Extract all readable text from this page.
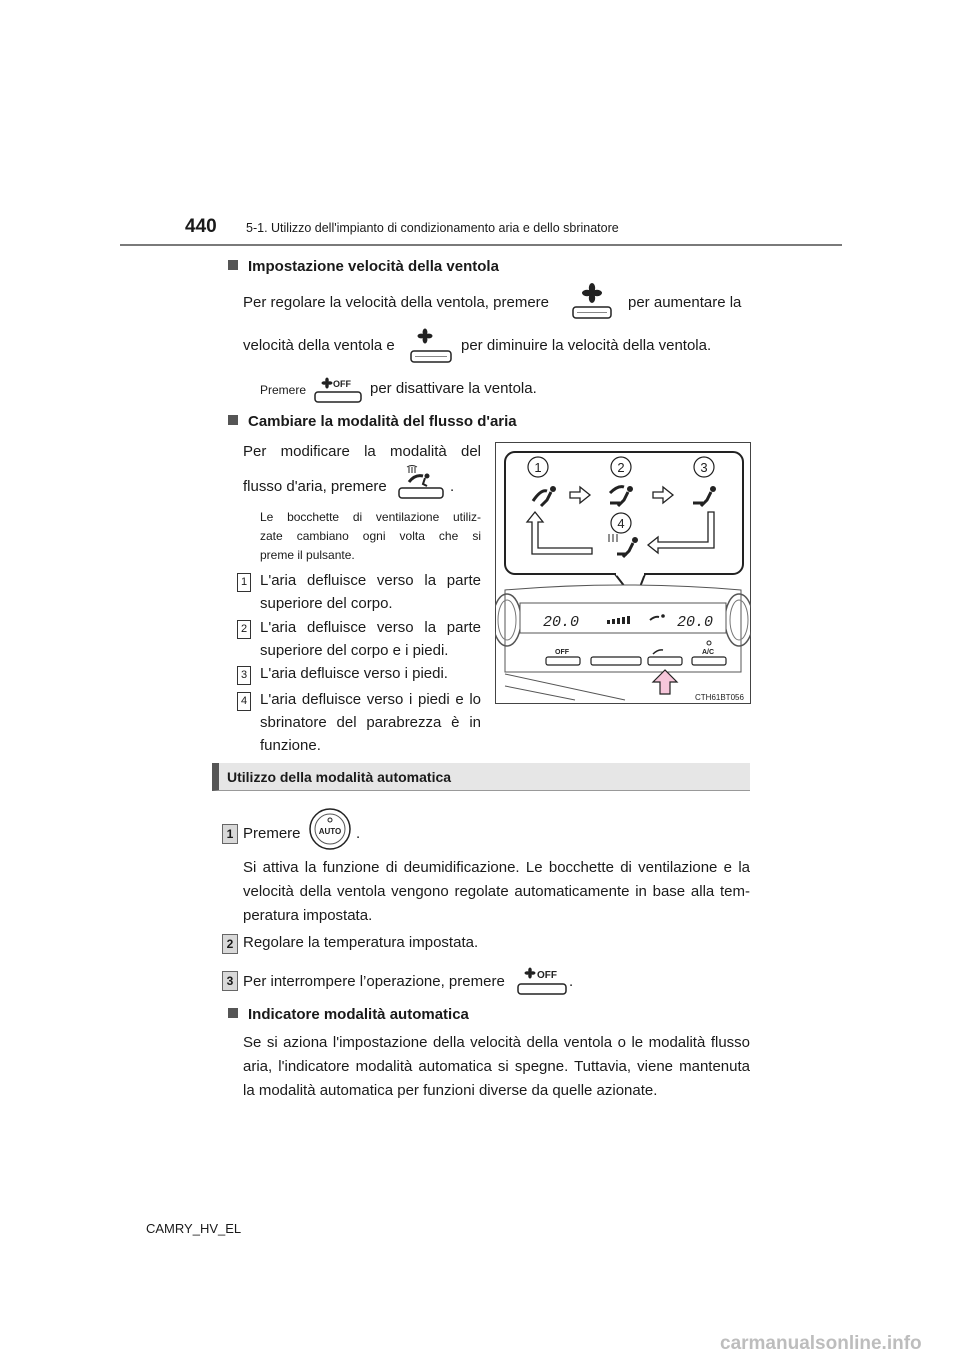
440 5-1. Utilizzo dell'impianto di condizionamento aria e dello sbrinatore
Impostazione velocità della ventola
Per regolare la velocità della ventola, premere	per aumentare la
velocità della ventola e	per diminuire la velocità della ventola.
Premere	OFF per disattivare la ventola.
Cambiare la modalità del flusso d'aria
Per modificare la modalità del
flusso d'aria, premere	.
Le bocchette di ventilazione utiliz-
zate cambiano ogni volta che si
preme il pulsante.
1 L'aria defluisce verso la parte
superiore del corpo.
2 L'aria defluisce verso la parte
superiore del corpo e i piedi.
3 L'aria defluisce verso i piedi.
4 L'aria defluisce verso i piedi e lo
sbrinatore del parabrezza è in
funzione.
1	2	3
4
20.0	20.0
OFF	A/C
CTH61BT056
Utilizzo della modalità automatica
1 Premere AUTO .
Si attiva la funzione di deumidificazione. Le bocchette di ventilazione e la
velocità della ventola vengono regolate automaticamente in base alla tem-
peratura impostata.
2 Regolare la temperatura impostata.
3 Per interrompere l’operazione, premere	OFF .
Indicatore modalità automatica
Se si aziona l'impostazione della velocità della ventola o le modalità flusso
aria, l'indicatore modalità automatica si spegne. Tuttavia, viene mantenuta
la modalità automatica per funzioni diverse da quelle azionate.
CAMRY_HV_EL
carmanualsonline.info
